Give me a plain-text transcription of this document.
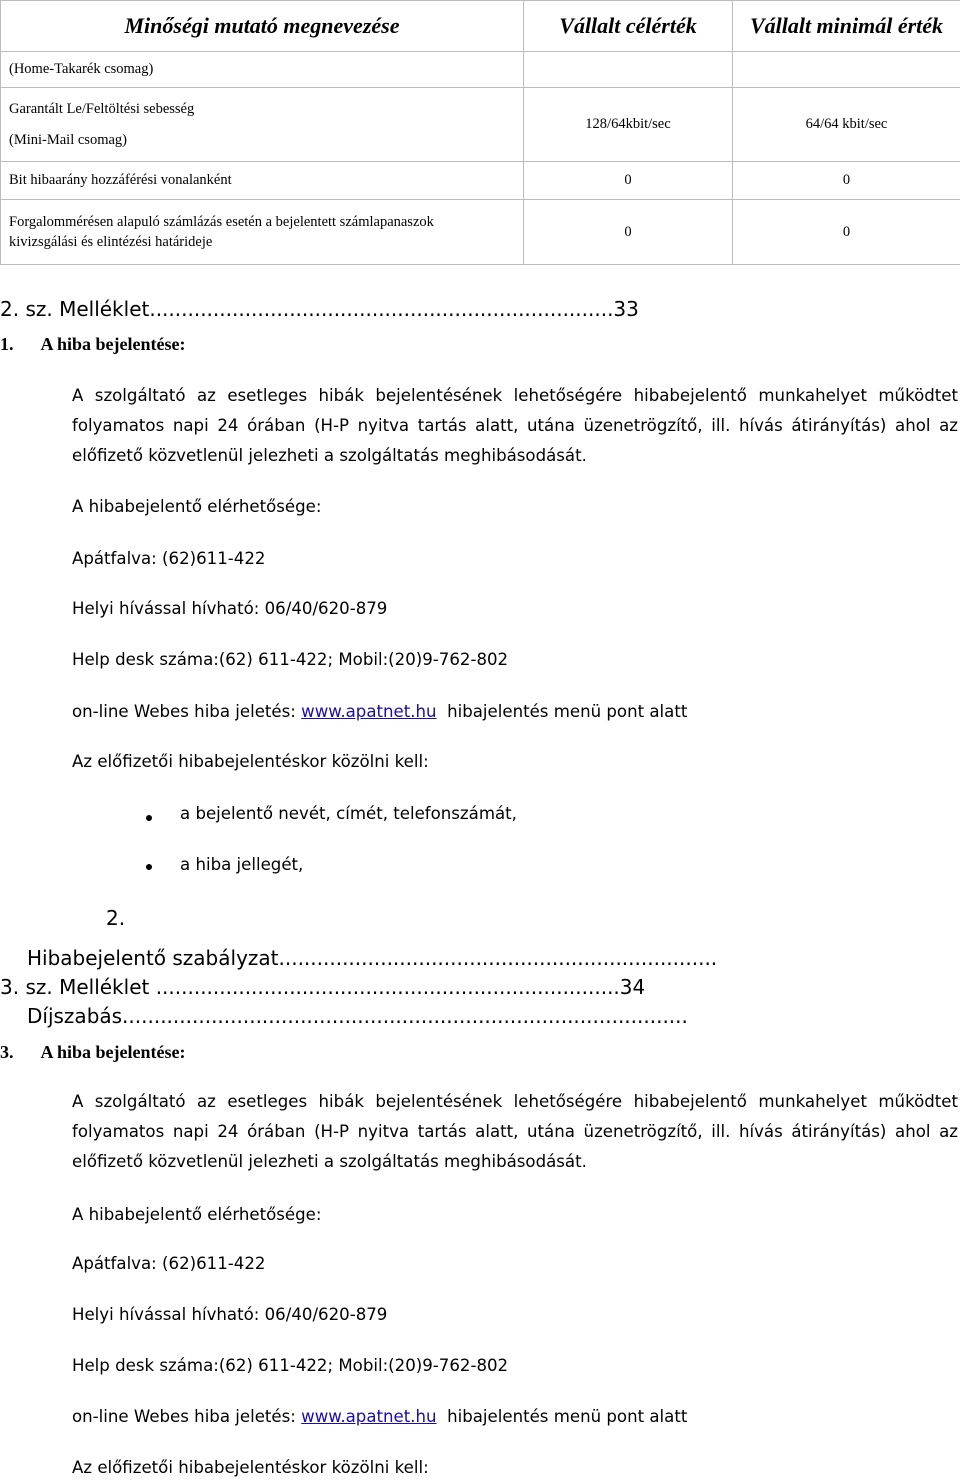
Minőségi mutató megnevezése	Vállalt célérték	Vállalt minimál érték
(Home-Takarék csomag)		

Garantált Le/Feltöltési sebesség
(Mini-Mail csomag)	128/64kbit/sec	64/64 kbit/sec
Bit hibaarány hozzáférési vonalanként	0	0

Forgalommérésen alapuló számlázás esetén a bejelentett számlapanaszok
kivizsgálási és elintézési határideje	0	0
2. sz. Melléklet.........................................................................33
1. A hiba bejelentése:
A szolgáltató az esetleges hibák bejelentésének lehetőségére hibabejelentő munkahelyet működtet folyamatos napi 24 órában (H-P nyitva tartás alatt, utána üzenetrögzítő, ill. hívás átirányítás) ahol az előfizető közvetlenül jelezheti a szolgáltatás meghibásodását.
A hibabejelentő elérhetősége:
Apátfalva: (62)611-422
Helyi hívással hívható: 06/40/620-879
Help desk száma:(62) 611-422; Mobil:(20)9-762-802
on-line Webes hiba jeletés: www.apatnet.hu  hibajelentés menü pont alatt
Az előfizetői hibabejelentéskor közölni kell:
a bejelentő nevét, címét, telefonszámát,
a hiba jellegét,
2.
Hibabejelentő szabályzat.....................................................................
3. sz. Melléklet .........................................................................34
Díjszabás.........................................................................................
3. A hiba bejelentése:
A szolgáltató az esetleges hibák bejelentésének lehetőségére hibabejelentő munkahelyet működtet folyamatos napi 24 órában (H-P nyitva tartás alatt, utána üzenetrögzítő, ill. hívás átirányítás) ahol az előfizető közvetlenül jelezheti a szolgáltatás meghibásodását.
A hibabejelentő elérhetősége:
Apátfalva: (62)611-422
Helyi hívással hívható: 06/40/620-879
Help desk száma:(62) 611-422; Mobil:(20)9-762-802
on-line Webes hiba jeletés: www.apatnet.hu  hibajelentés menü pont alatt
Az előfizetői hibabejelentéskor közölni kell:
